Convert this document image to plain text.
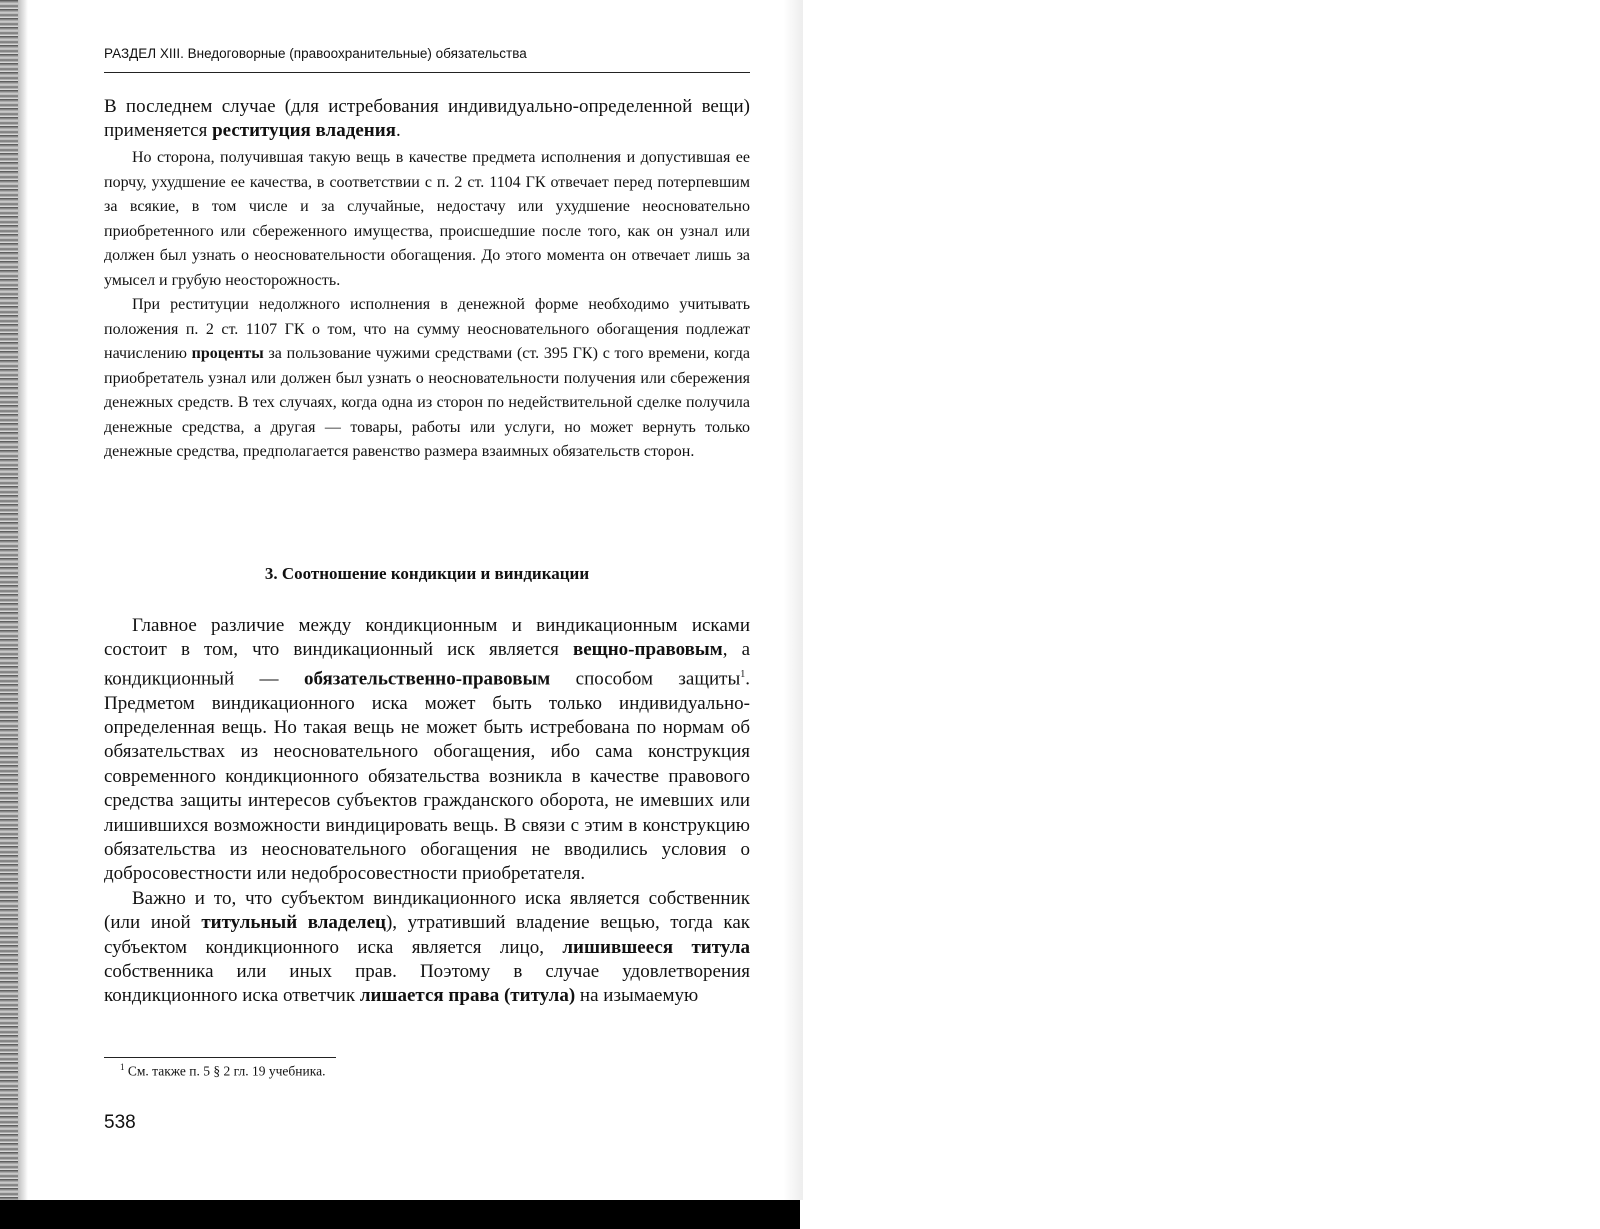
РАЗДЕЛ XIII. Внедоговорные (правоохранительные) обязательства

В последнем случае (для истребования индивидуально-определенной вещи) применяется реституция владения.

Но сторона, получившая такую вещь в качестве предмета исполнения и допустившая ее порчу, ухудшение ее качества, в соответствии с п. 2 ст. 1104 ГК отвечает перед потерпевшим за всякие, в том числе и за случайные, недостачу или ухудшение неосновательно приобретенного или сбереженного имущества, происшедшие после того, как он узнал или должен был узнать о неосновательности обогащения. До этого момента он отвечает лишь за умысел и грубую неосторожность.

При реституции недолжного исполнения в денежной форме необходимо учитывать положения п. 2 ст. 1107 ГК о том, что на сумму неосновательного обогащения подлежат начислению проценты за пользование чужими средствами (ст. 395 ГК) с того времени, когда приобретатель узнал или должен был узнать о неосновательности получения или сбережения денежных средств. В тех случаях, когда одна из сторон по недействительной сделке получила денежные средства, а другая — товары, работы или услуги, но может вернуть только денежные средства, предполагается равенство размера взаимных обязательств сторон.

3. Соотношение кондикции и виндикации

Главное различие между кондикционным и виндикационным исками состоит в том, что виндикационный иск является вещно-правовым, а кондикционный — обязательственно-правовым способом защиты$^1$. Предметом виндикационного иска может быть только индивидуально-определенная вещь. Но такая вещь не может быть истребована по нормам об обязательствах из неосновательного обогащения, ибо сама конструкция современного кондикционного обязательства возникла в качестве правового средства защиты интересов субъектов гражданского оборота, не имевших или лишившихся возможности виндицировать вещь. В связи с этим в конструкцию обязательства из неосновательного обогащения не вводились условия о добросовестности или недобросовестности приобретателя.

Важно и то, что субъектом виндикационного иска является собственник (или иной титульный владелец), утративший владение вещью, тогда как субъектом кондикционного иска является лицо, лишившееся титула собственника или иных прав. Поэтому в случае удовлетворения кондикционного иска ответчик лишается права (титула) на изымаемую

$^1$ См. также п. 5 § 2 гл. 19 учебника.
538
